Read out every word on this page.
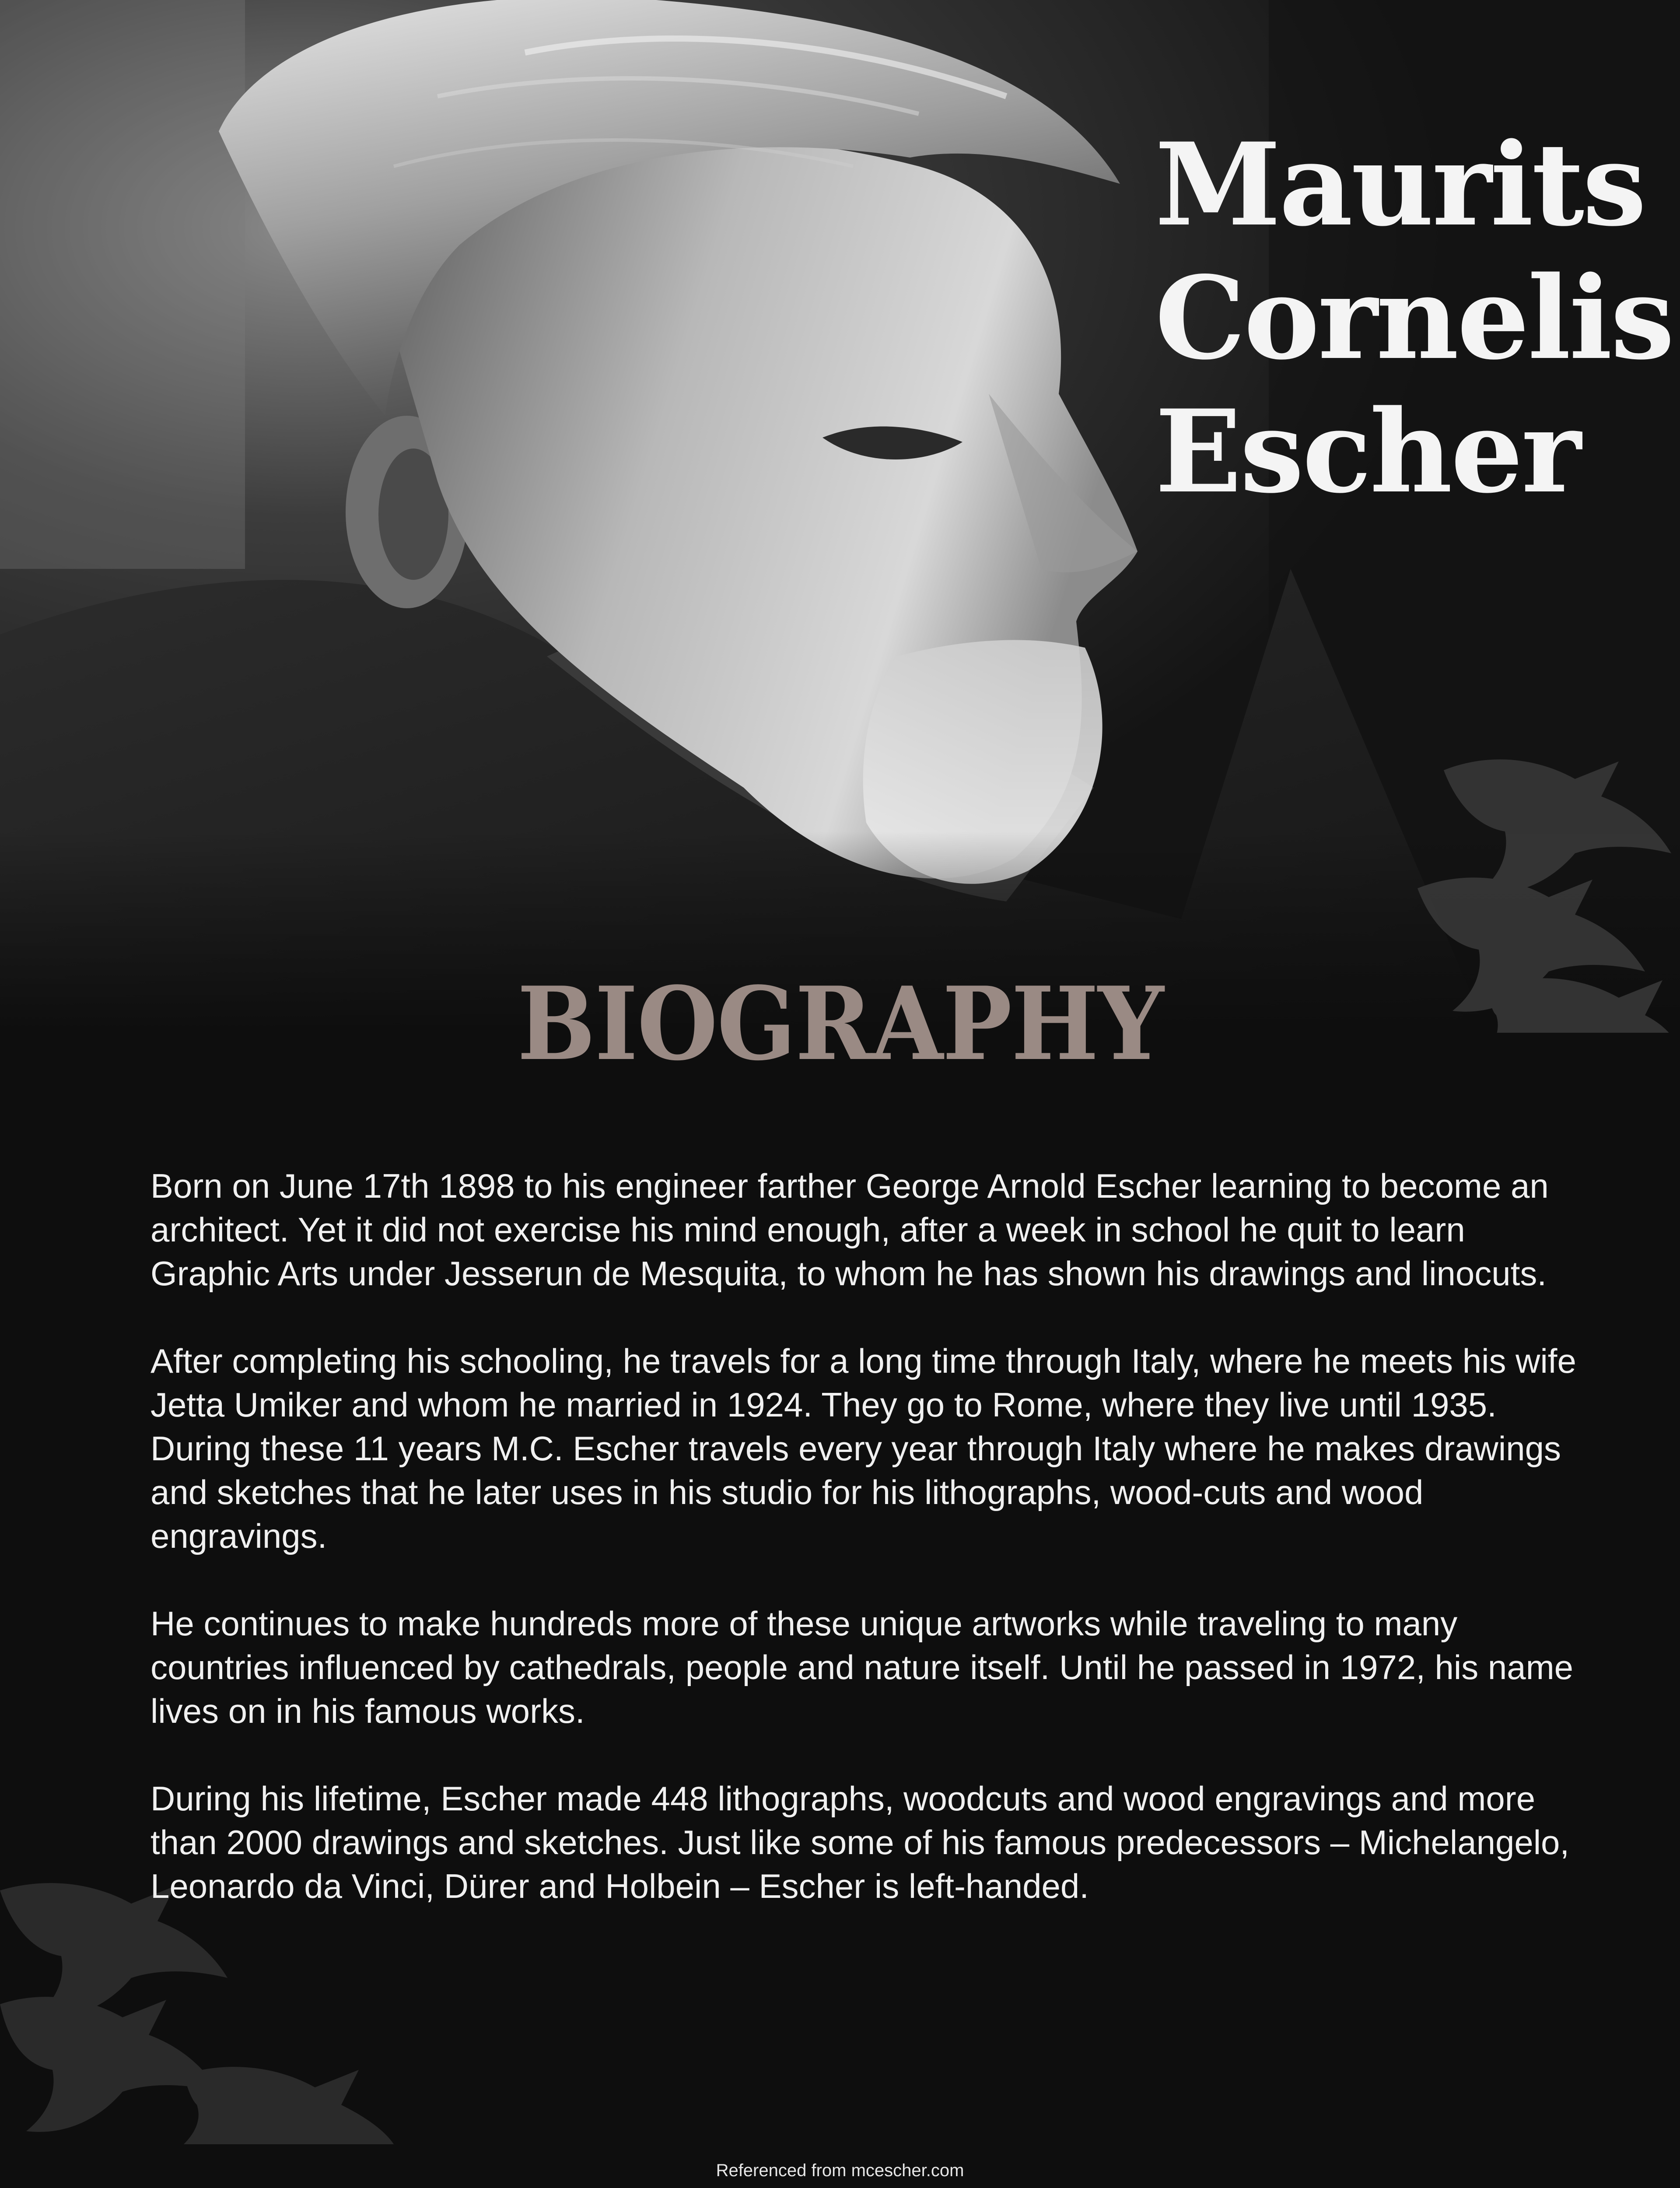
Maurits
Cornelis
Escher
BIOGRAPHY

Born on June 17th 1898 to his engineer farther George Arnold Escher learning to become an architect. Yet it did not exercise his mind enough, after a week in school he quit to learn Graphic Arts under Jesserun de Mesquita, to whom he has shown his drawings and linocuts.

After completing his schooling, he travels for a long time through Italy, where he meets his wife Jetta Umiker and whom he married in 1924. They go to Rome, where they live until 1935. During these 11 years M.C. Escher travels every year through Italy where he makes drawings and sketches that he later uses in his studio for his lithographs, wood-cuts and wood engravings.

He continues to make hundreds more of these unique artworks while traveling to many countries influenced by cathedrals, people and nature itself. Until he passed in 1972, his name lives on in his famous works.

During his lifetime, Escher made 448 lithographs, woodcuts and wood engravings and more than 2000 drawings and sketches. Just like some of his famous predecessors – Michelangelo, Leonardo da Vinci, Dürer and Holbein – Escher is left-handed.

Referenced from mcescher.com
